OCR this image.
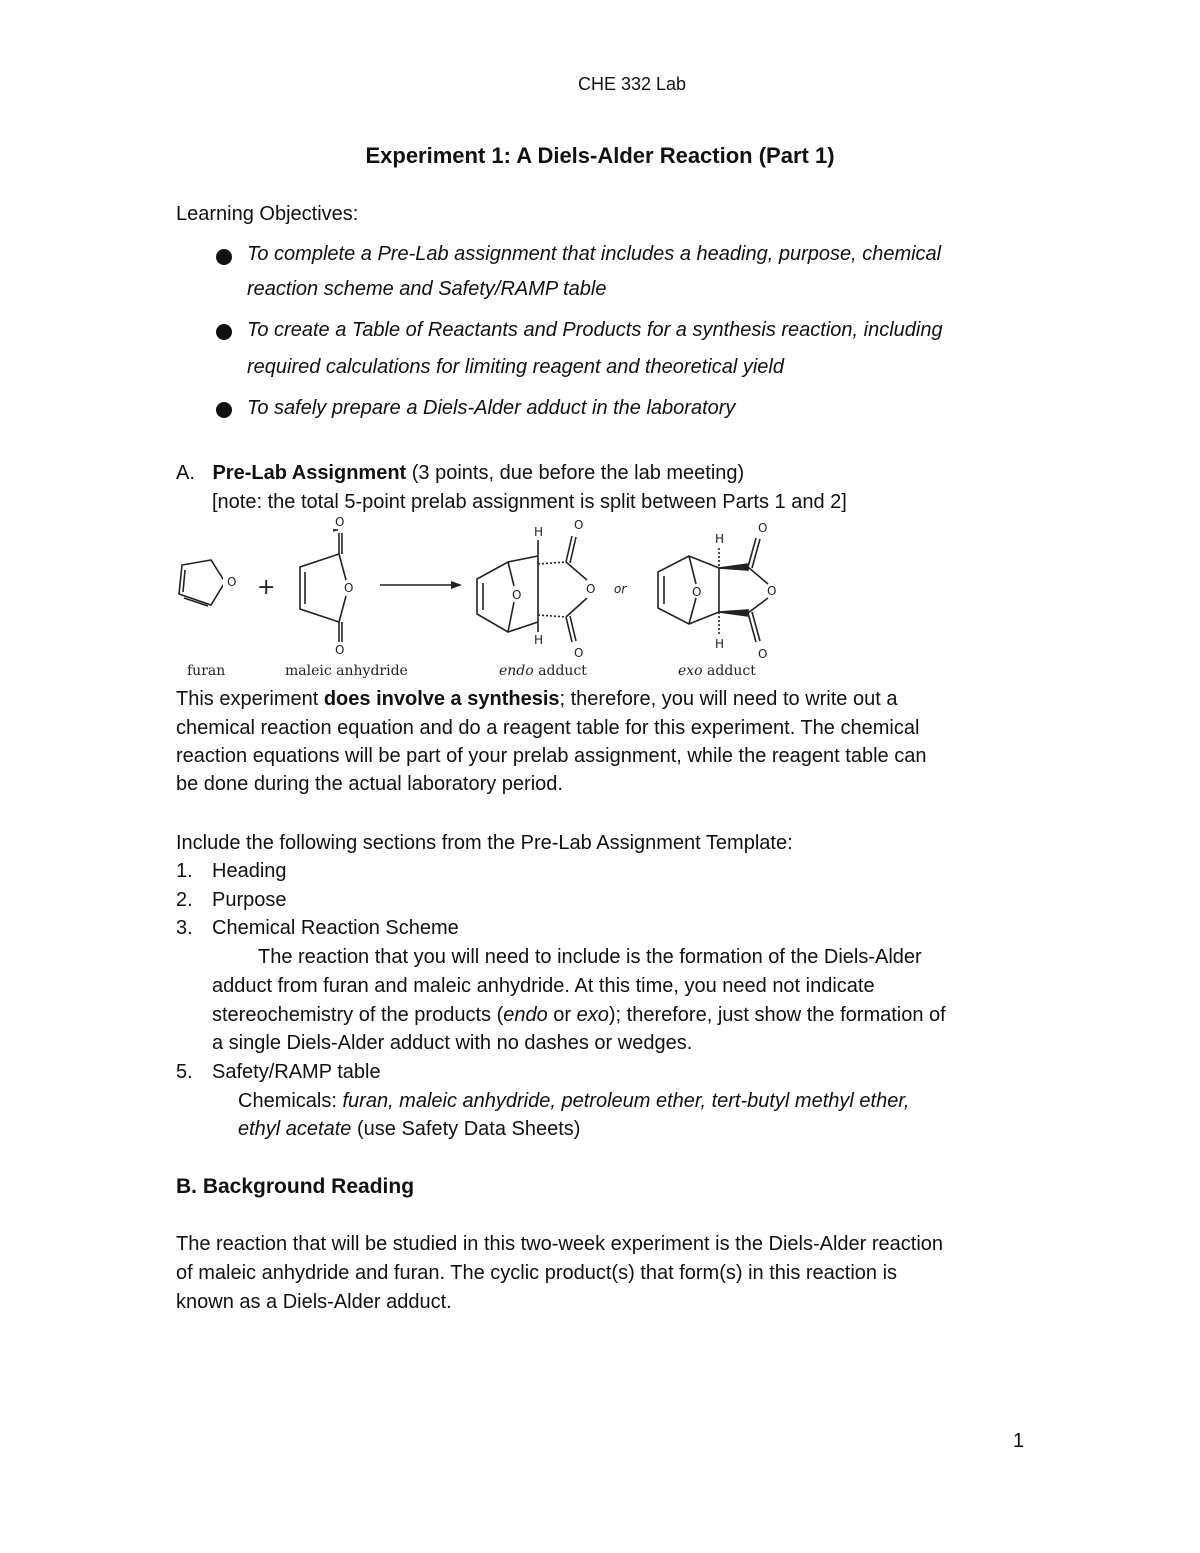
CHE 332 Lab
Experiment 1: A Diels-Alder Reaction (Part 1)
Learning Objectives:
To complete a Pre-Lab assignment that includes a heading, purpose, chemical
reaction scheme and Safety/RAMP table
To create a Table of Reactants and Products for a synthesis reaction, including
required calculations for limiting reagent and theoretical yield
To safely prepare a Diels-Alder adduct in the laboratory
A. Pre-Lab Assignment (3 points, due before the lab meeting)
[note: the total 5-point prelab assignment is split between Parts 1 and 2]
O +
O
O
O
H
O	O
O
O
H
or
H
O	O
O
O
H
furan	maleic anhydride	endo adduct	exo adduct
This experiment does involve a synthesis; therefore, you will need to write out a
chemical reaction equation and do a reagent table for this experiment. The chemical
reaction equations will be part of your prelab assignment, while the reagent table can
be done during the actual laboratory period.
Include the following sections from the Pre-Lab Assignment Template:
1. Heading
2. Purpose
3. Chemical Reaction Scheme
The reaction that you will need to include is the formation of the Diels-Alder
adduct from furan and maleic anhydride. At this time, you need not indicate
stereochemistry of the products (endo or exo); therefore, just show the formation of
a single Diels-Alder adduct with no dashes or wedges.
5. Safety/RAMP table
Chemicals: furan, maleic anhydride, petroleum ether, tert-butyl methyl ether,
ethyl acetate (use Safety Data Sheets)
B. Background Reading
The reaction that will be studied in this two-week experiment is the Diels-Alder reaction
of maleic anhydride and furan. The cyclic product(s) that form(s) in this reaction is
known as a Diels-Alder adduct.
1
